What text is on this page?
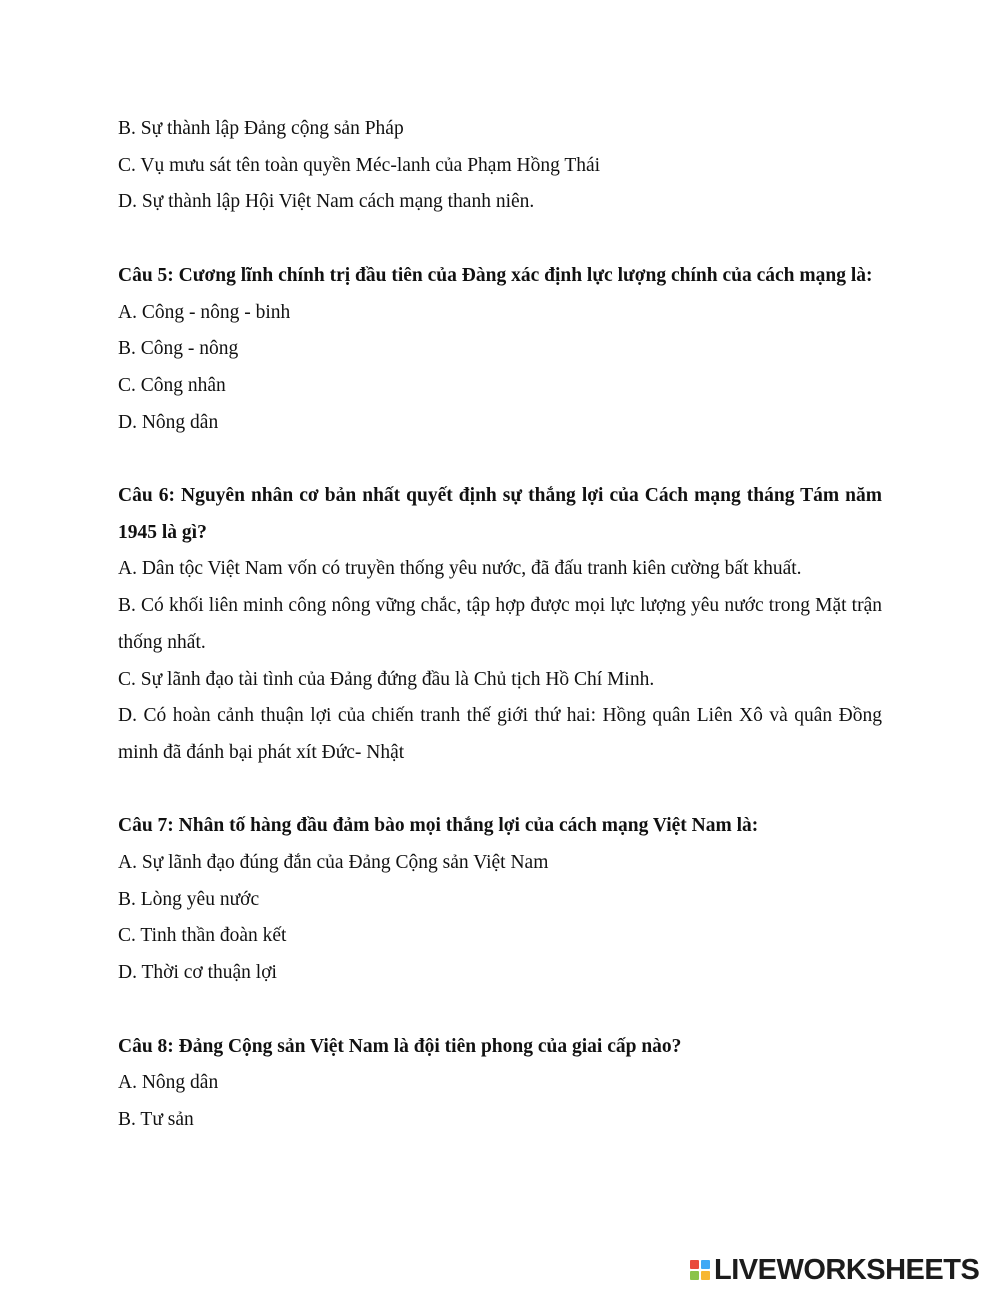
B. Sự thành lập Đảng cộng sản Pháp
C. Vụ mưu sát tên toàn quyền Méc-lanh của Phạm Hồng Thái
D. Sự thành lập Hội Việt Nam cách mạng thanh niên.
Câu 5: Cương lĩnh chính trị đầu tiên của Đàng xác định lực lượng chính của cách mạng là:
A. Công - nông - binh
B. Công - nông
C. Công nhân
D. Nông dân
Câu 6: Nguyên nhân cơ bản nhất quyết định sự thắng lợi của Cách mạng tháng Tám năm 1945 là gì?
A. Dân tộc Việt Nam vốn có truyền thống yêu nước, đã đấu tranh kiên cường bất khuất.
B. Có khối liên minh công nông vững chắc, tập hợp được mọi lực lượng yêu nước trong Mặt trận thống nhất.
C. Sự lãnh đạo tài tình của Đảng đứng đầu là Chủ tịch Hồ Chí Minh.
D. Có hoàn cảnh thuận lợi của chiến tranh thế giới thứ hai: Hồng quân Liên Xô và quân Đồng minh đã đánh bại phát xít Đức- Nhật
Câu 7: Nhân tố hàng đầu đảm bào mọi thắng lợi của cách mạng Việt Nam là:
A. Sự lãnh đạo đúng đắn của Đảng Cộng sản Việt Nam
B. Lòng yêu nước
C. Tinh thần đoàn kết
D. Thời cơ thuận lợi
Câu 8: Đảng Cộng sản Việt Nam là đội tiên phong của giai cấp nào?
A. Nông dân
B. Tư sản
LIVEWORKSHEETS
